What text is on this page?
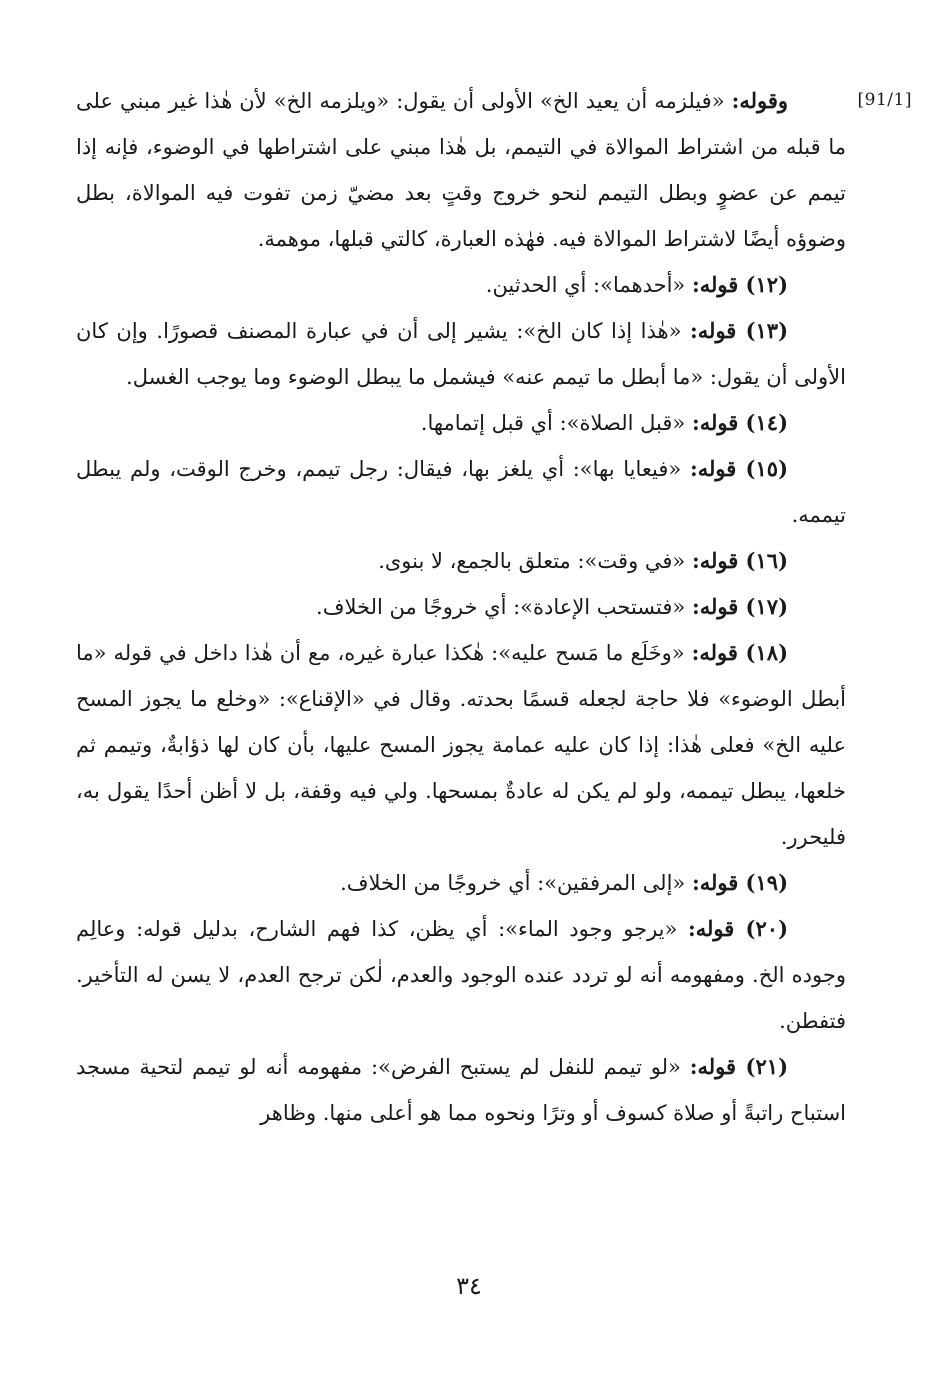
[91/1]

وقوله: «فيلزمه أن يعيد الخ» الأولى أن يقول: «ويلزمه الخ» لأن هٰذا غير مبني على ما قبله من اشتراط الموالاة في التيمم، بل هٰذا مبني على اشتراطها في الوضوء، فإنه إذا تيمم عن عضوٍ وبطل التيمم لنحو خروج وقتٍ بعد مضيّ زمن تفوت فيه الموالاة، بطل وضوؤه أيضًا لاشتراط الموالاة فيه. فهٰذه العبارة، كالتي قبلها، موهمة.

(١٢) قوله: «أحدهما»: أي الحدثين.

(١٣) قوله: «هٰذا إذا كان الخ»: يشير إلى أن في عبارة المصنف قصورًا. وإن كان الأولى أن يقول: «ما أبطل ما تيمم عنه» فيشمل ما يبطل الوضوء وما يوجب الغسل.

(١٤) قوله: «قبل الصلاة»: أي قبل إتمامها.

(١٥) قوله: «فيعايا بها»: أي يلغز بها، فيقال: رجل تيمم، وخرج الوقت، ولم يبطل تيممه.

(١٦) قوله: «في وقت»: متعلق بالجمع، لا بنوى.

(١٧) قوله: «فتستحب الإعادة»: أي خروجًا من الخلاف.

(١٨) قوله: «وخَلَع ما مَسح عليه»: هٰكذا عبارة غيره، مع أن هٰذا داخل في قوله «ما أبطل الوضوء» فلا حاجة لجعله قسمًا بحدته. وقال في «الإقناع»: «وخلع ما يجوز المسح عليه الخ» فعلى هٰذا: إذا كان عليه عمامة يجوز المسح عليها، بأن كان لها ذؤابةٌ، وتيمم ثم خلعها، يبطل تيممه، ولو لم يكن له عادةٌ بمسحها. ولي فيه وقفة، بل لا أظن أحدًا يقول به، فليحرر.

(١٩) قوله: «إلى المرفقين»: أي خروجًا من الخلاف.

(٢٠) قوله: «يرجو وجود الماء»: أي يظن، كذا فهم الشارح، بدليل قوله: وعالِم وجوده الخ. ومفهومه أنه لو تردد عنده الوجود والعدم، لٰكن ترجح العدم، لا يسن له التأخير. فتفطن.

(٢١) قوله: «لو تيمم للنفل لم يستبح الفرض»: مفهومه أنه لو تيمم لتحية مسجد استباح راتبةً أو صلاة كسوف أو وترًا ونحوه مما هو أعلى منها. وظاهر

٣٤
